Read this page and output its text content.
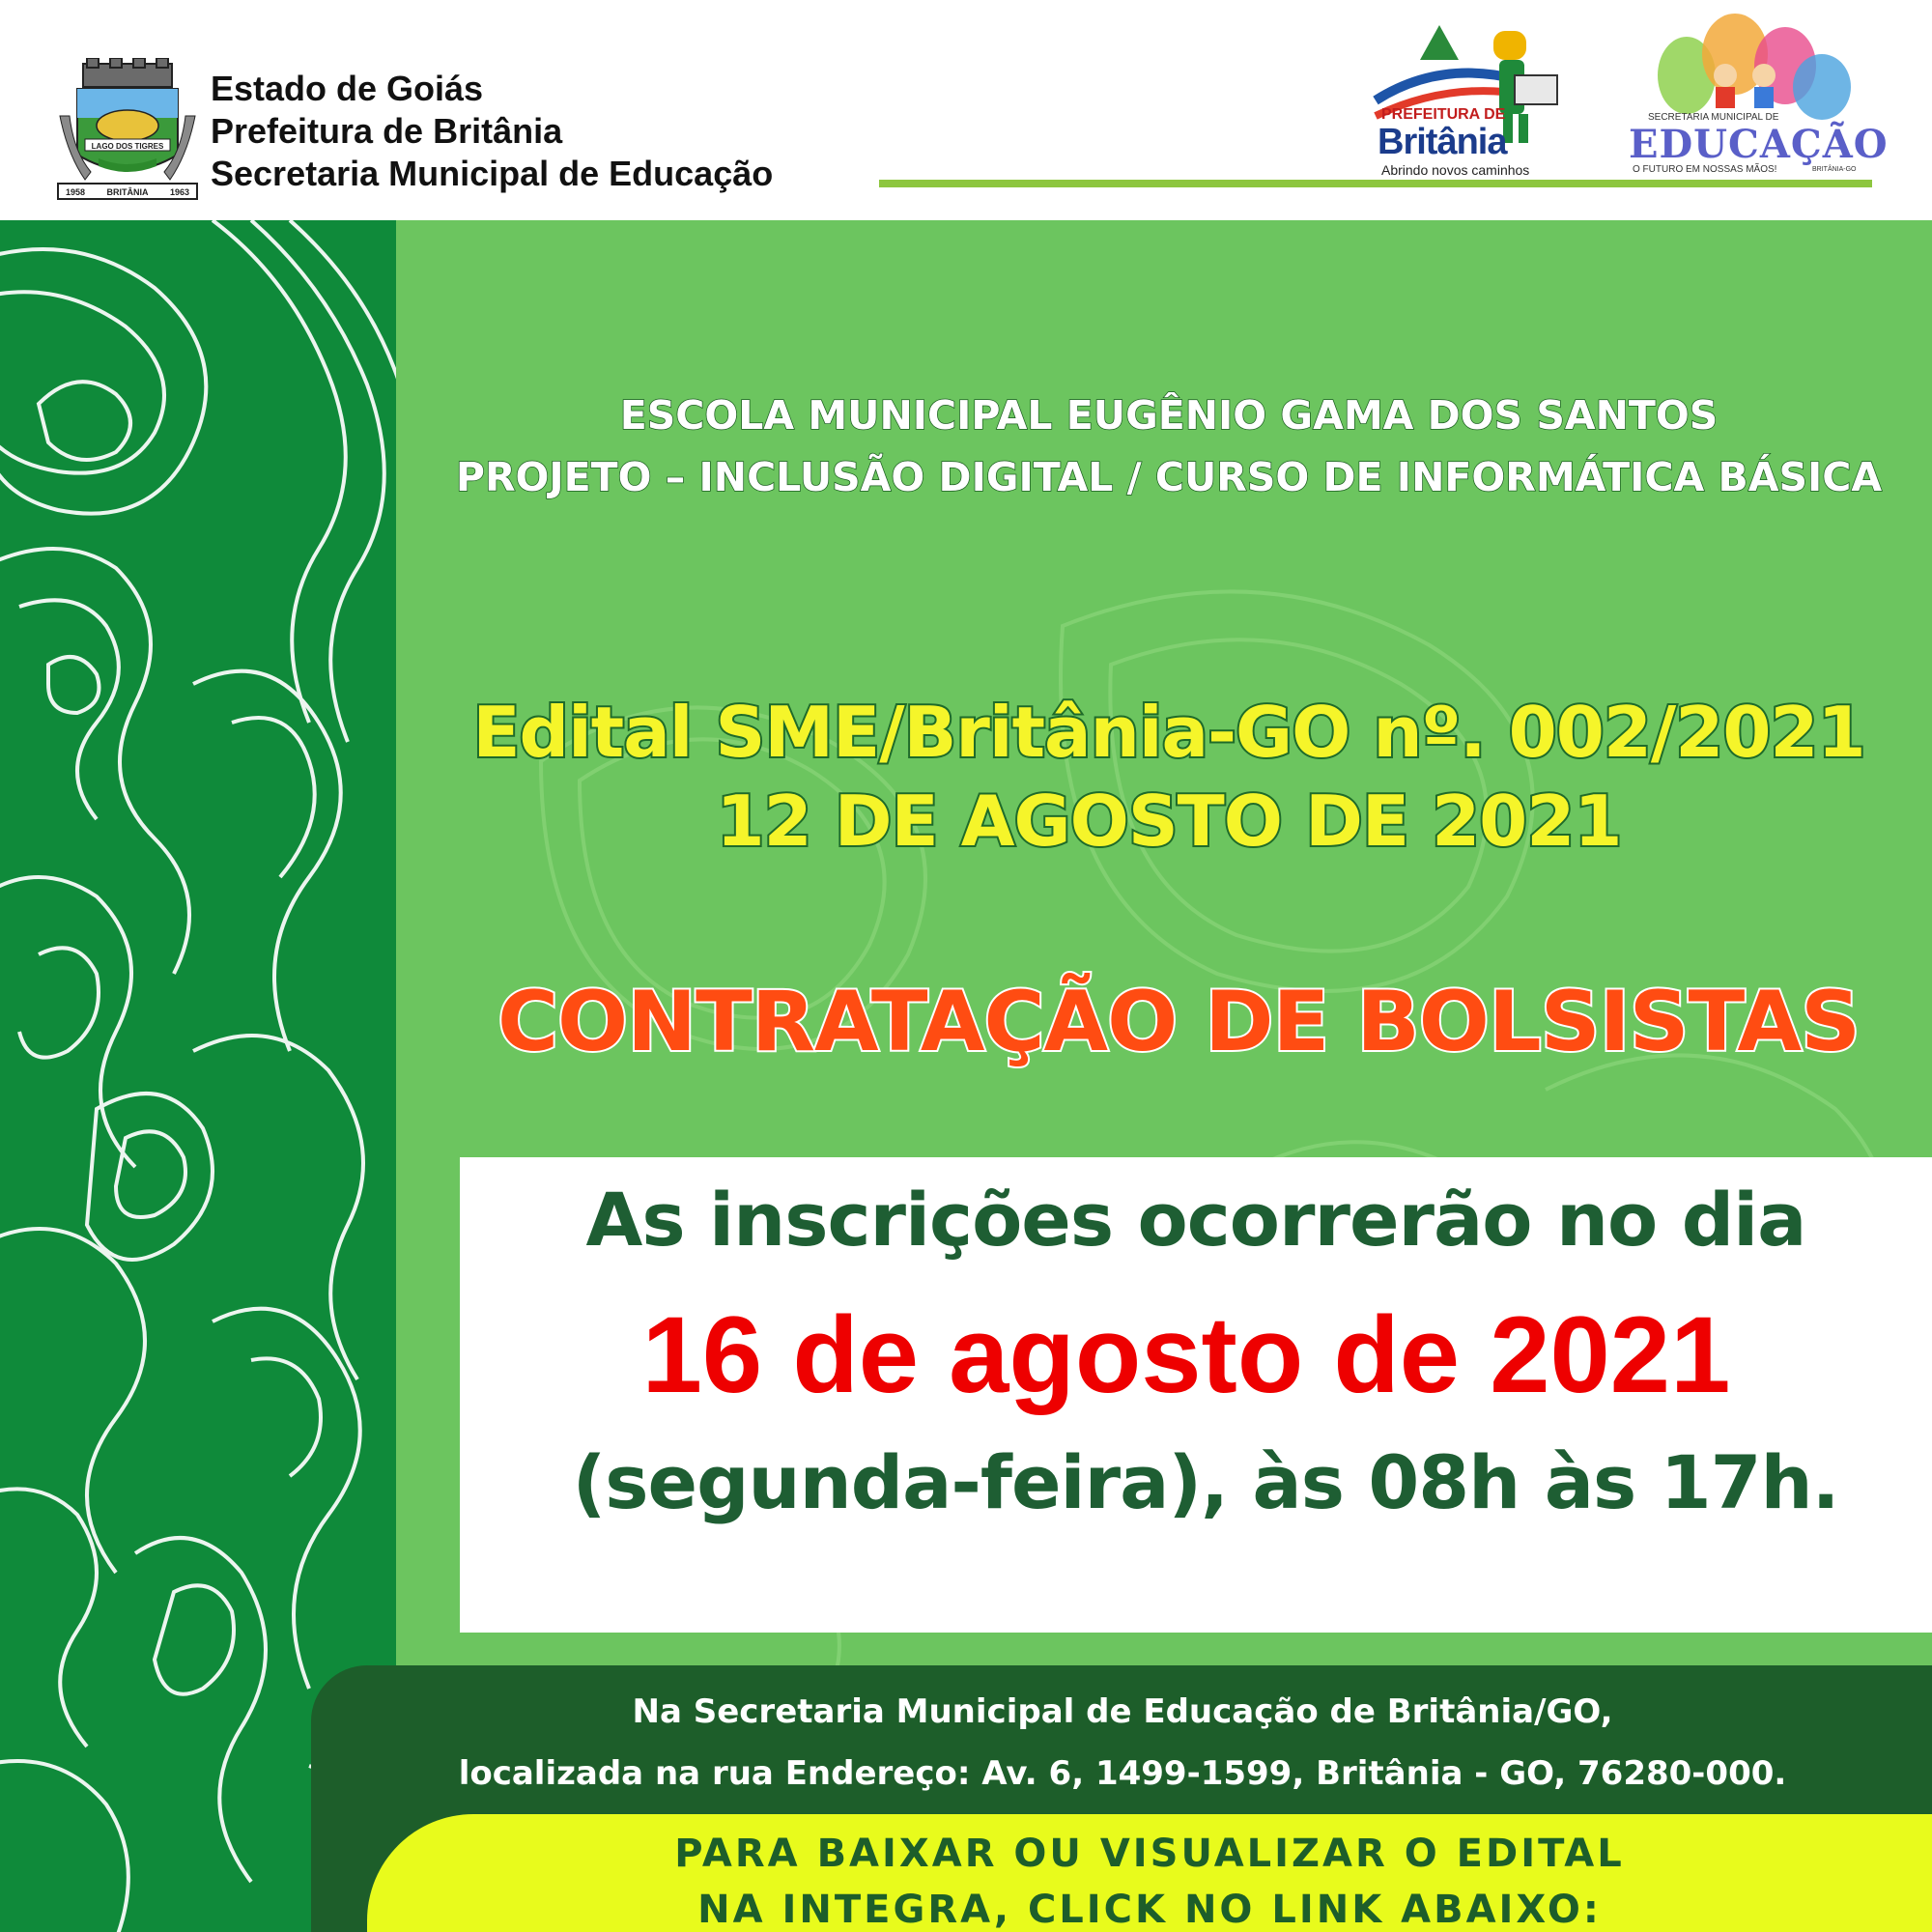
LAGO DOS TIGRES
1958 BRITÂNIA 1963
Estado de Goiás
Prefeitura de Britânia
Secretaria Municipal de Educação
PREFEITURA DE
Britânia
Abrindo novos caminhos
SECRETARIA MUNICIPAL DE
EDUCAÇÃO
O FUTURO EM NOSSAS MÃOS!	BRITÂNIA-GO
ESCOLA MUNICIPAL EUGÊNIO GAMA DOS SANTOS
PROJETO – INCLUSÃO DIGITAL / CURSO DE INFORMÁTICA BÁSICA
Edital SME/Britânia-GO nº. 002/2021
12 DE AGOSTO DE 2021
CONTRATAÇÃO DE BOLSISTAS
As inscrições ocorrerão no dia
16 de agosto de 2021
(segunda-feira), às 08h às 17h.
Na Secretaria Municipal de Educação de Britânia/GO,
localizada na rua Endereço: Av. 6, 1499-1599, Britânia - GO, 76280-000.
PARA BAIXAR OU VISUALIZAR O EDITAL
NA INTEGRA, CLICK NO LINK ABAIXO:
